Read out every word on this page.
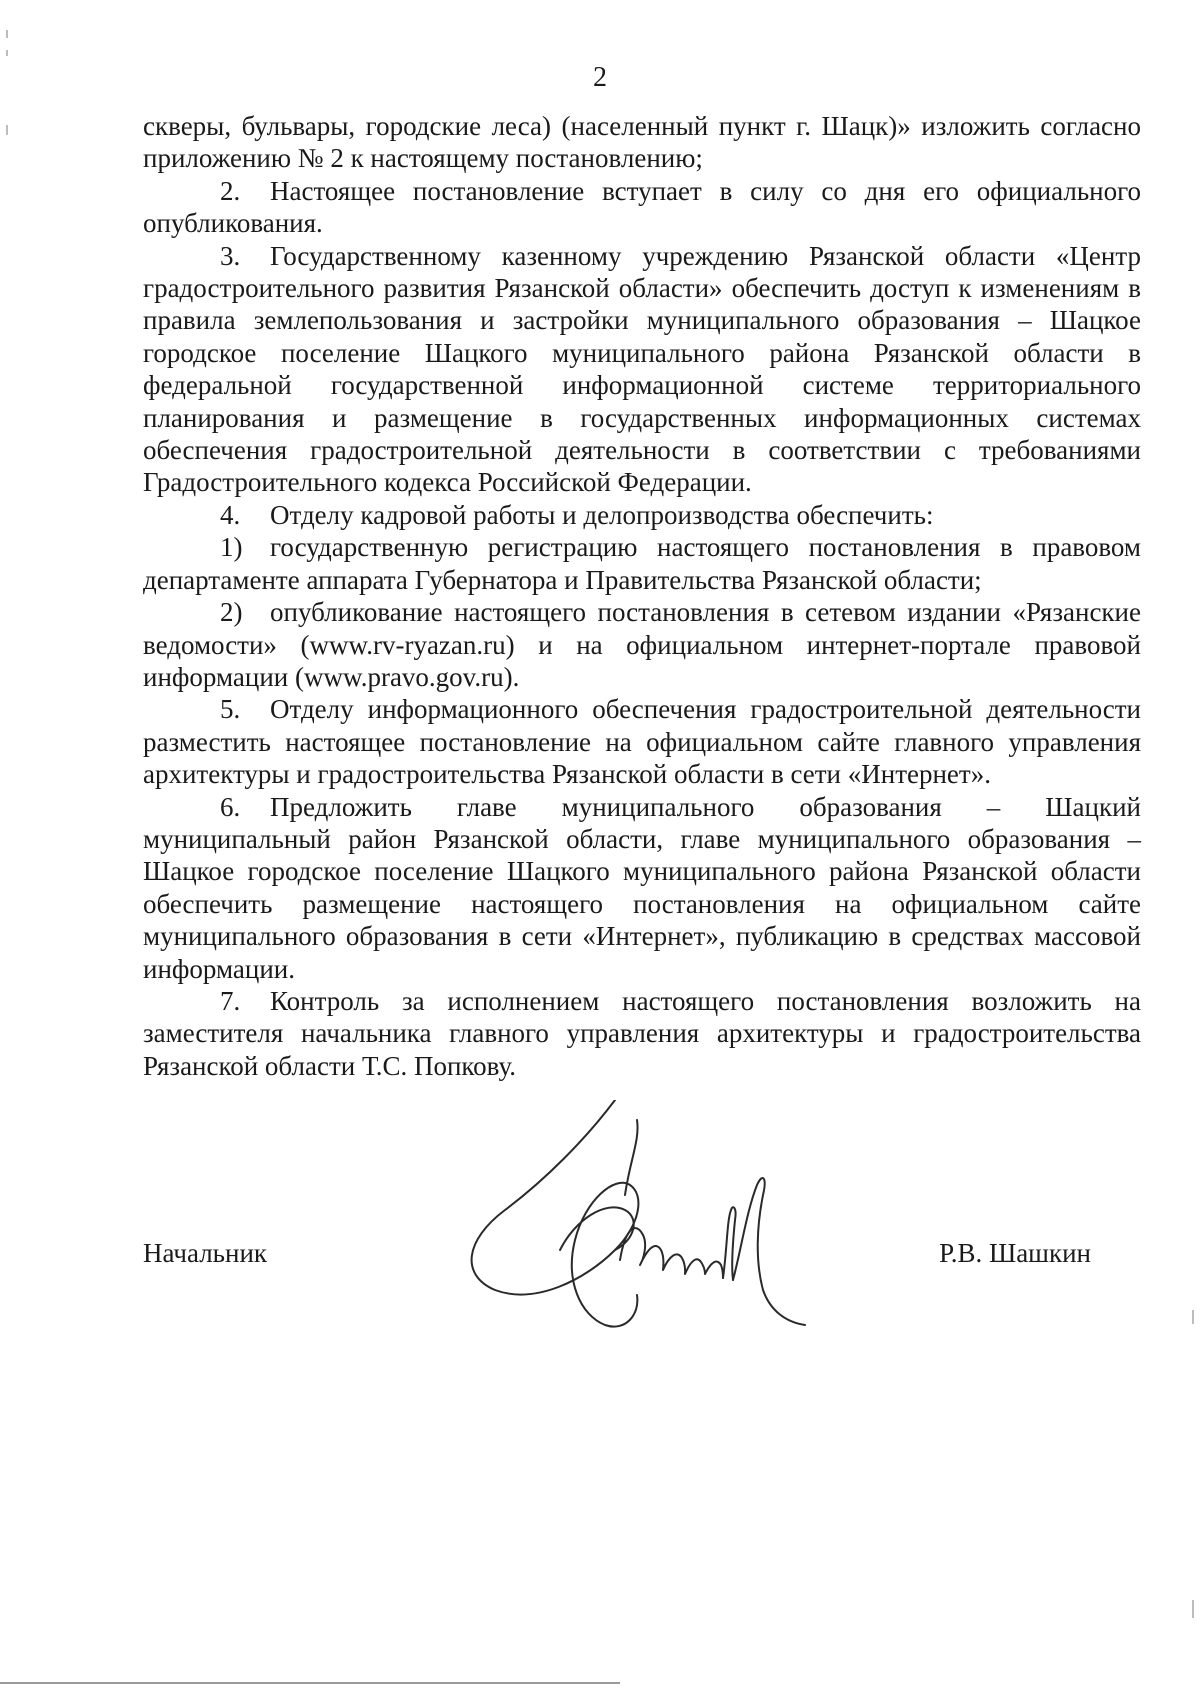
2

скверы, бульвары, городские леса) (населенный пункт г. Шацк)» изложить согласно приложению № 2 к настоящему постановлению;

2. Настоящее постановление вступает в силу со дня его официального опубликования.

3. Государственному казенному учреждению Рязанской области «Центр градостроительного развития Рязанской области» обеспечить доступ к изменениям в правила землепользования и застройки муниципального образования – Шацкое городское поселение Шацкого муниципального района Рязанской области в федеральной государственной информационной системе территориального планирования и размещение в государственных информационных системах обеспечения градостроительной деятельности в соответствии с требованиями Градостроительного кодекса Российской Федерации.

4. Отделу кадровой работы и делопроизводства обеспечить:

1) государственную регистрацию настоящего постановления в правовом департаменте аппарата Губернатора и Правительства Рязанской области;

2) опубликование настоящего постановления в сетевом издании «Рязанские ведомости» (www.rv-ryazan.ru) и на официальном интернет-портале правовой информации (www.pravo.gov.ru).

5. Отделу информационного обеспечения градостроительной деятельности разместить настоящее постановление на официальном сайте главного управления архитектуры и градостроительства Рязанской области в сети «Интернет».

6. Предложить главе муниципального образования – Шацкий муниципальный район Рязанской области, главе муниципального образования – Шацкое городское поселение Шацкого муниципального района Рязанской области обеспечить размещение настоящего постановления на официальном сайте муниципального образования в сети «Интернет», публикацию в средствах массовой информации.

7. Контроль за исполнением настоящего постановления возложить на заместителя начальника главного управления архитектуры и градостроительства Рязанской области Т.С. Попкову.

Начальник	Р.В. Шашкин
